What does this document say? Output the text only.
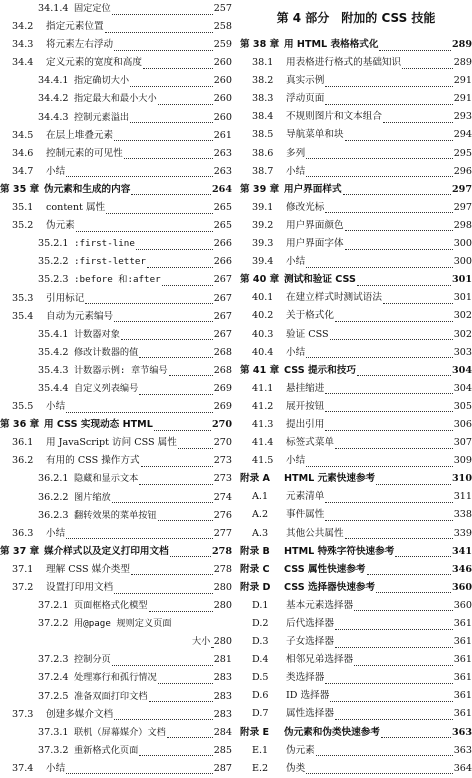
34.1.4 固定定位	257
34.2	指定元素位置	258
34.3	将元素左右浮动	259
34.4	定义元素的宽度和高度	260
34.4.1 指定确切大小	260
34.4.2 指定最大和最小大小	260
34.4.3 控制元素溢出	260
34.5	在层上堆叠元素	261
34.6	控制元素的可见性	263
34.7	小结	263
第 35 章 伪元素和生成的内容	264
35.1	content 属性	265
35.2	伪元素	265
35.2.1 :first-line	266
35.2.2 :first-letter	266
35.2.3 :before 和:after	267
35.3	引用标记	267
35.4	自动为元素编号	267
35.4.1 计数器对象	267
35.4.2 修改计数器的值	268
35.4.3 计数器示例: 章节编号	268
35.4.4 自定义列表编号	269
35.5	小结	269
第 36 章 用 CSS 实现动态 HTML	270
36.1	用 JavaScript 访问 CSS 属性	270
36.2	有用的 CSS 操作方式	273
36.2.1 隐藏和显示文本	273
36.2.2 图片缩放	274
36.2.3 翻转效果的菜单按钮	276
36.3	小结	277
第 37 章 媒介样式以及定义打印用文档	278
37.1	理解 CSS 媒介类型	278
37.2	设置打印用文档	280
37.2.1 页面框格式化模型	280
37.2.2 用@page 规则定义页面
大小 280
37.2.3 控制分页	281
37.2.4 处理寡行和孤行情况	283
37.2.5 准备双面打印文档	283
37.3	创建多媒介文档	283
37.3.1 联机（屏幕媒介）文档	284
37.3.2 重新格式化页面	285
37.4	小结	287
第 4 部分　附加的 CSS 技能
第 38 章 用 HTML 表格格式化	289
38.1	用表格进行格式的基础知识	289
38.2	真实示例	291
38.3	浮动页面	291
38.4	不规则图片和文本组合	293
38.5	导航菜单和块	294
38.6	多列	295
38.7	小结	296
第 39 章 用户界面样式	297
39.1	修改光标	297
39.2	用户界面颜色	298
39.3	用户界面字体	300
39.4	小结	300
第 40 章 测试和验证 CSS	301
40.1	在建立样式时测试语法	301
40.2	关于格式化	302
40.3	验证 CSS	302
40.4	小结	303
第 41 章 CSS 提示和技巧	304
41.1	悬挂缩进	304
41.2	展开按钮	305
41.3	提出引用	306
41.4	标签式菜单	307
41.5	小结	309
附录 A	HTML 元素快速参考	310
A.1	元素清单	311
A.2	事件属性	338
A.3	其他公共属性	339
附录 B	HTML 特殊字符快速参考	341
附录 C	CSS 属性快速参考	346
附录 D	CSS 选择器快速参考	360
D.1	基本元素选择器	360
D.2	后代选择器	361
D.3	子女选择器	361
D.4	相邻兄弟选择器	361
D.5	类选择器	361
D.6	ID 选择器	361
D.7	属性选择器	361
附录 E	伪元素和伪类快速参考	363
E.1	伪元素	363
E.2	伪类	364
